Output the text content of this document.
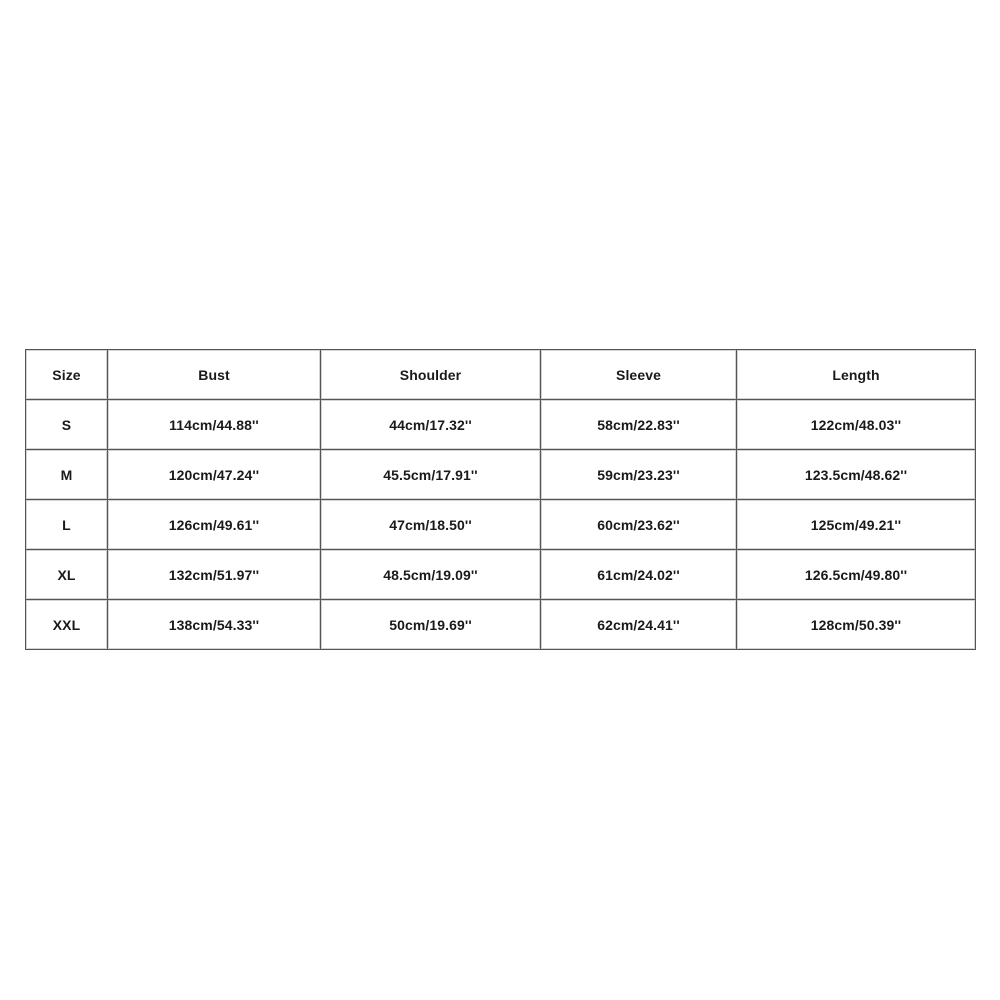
Size	Bust	Shoulder	Sleeve	Length
S	114cm/44.88''	44cm/17.32''	58cm/22.83''	122cm/48.03''
M	120cm/47.24''	45.5cm/17.91''	59cm/23.23''	123.5cm/48.62''
L	126cm/49.61''	47cm/18.50''	60cm/23.62''	125cm/49.21''
XL	132cm/51.97''	48.5cm/19.09''	61cm/24.02''	126.5cm/49.80''
XXL	138cm/54.33''	50cm/19.69''	62cm/24.41''	128cm/50.39''
